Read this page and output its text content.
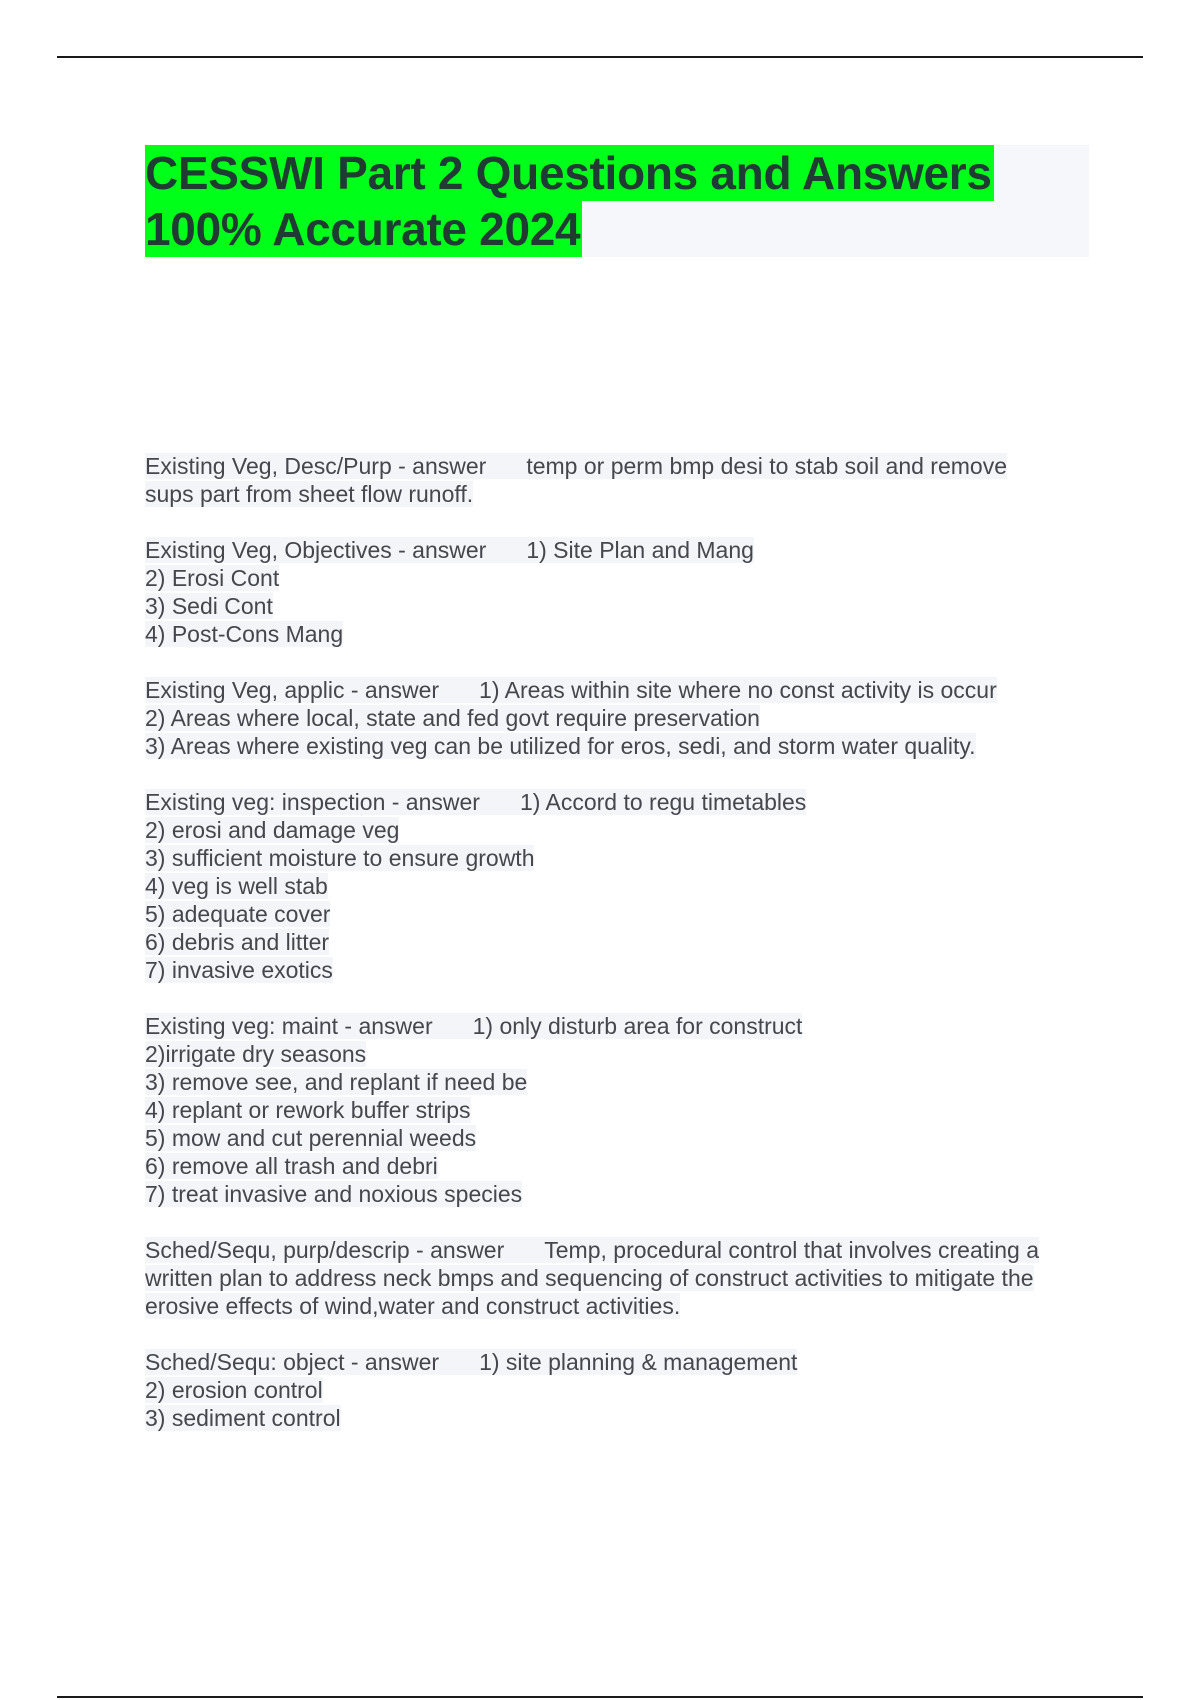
CESSWI Part 2 Questions and Answers
100% Accurate 2024
Existing Veg, Desc/Purp - answer temp or perm bmp desi to stab soil and remove
sups part from sheet flow runoff.
Existing Veg, Objectives - answer 1) Site Plan and Mang
2) Erosi Cont
3) Sedi Cont
4) Post-Cons Mang
Existing Veg, applic - answer 1) Areas within site where no const activity is occur
2) Areas where local, state and fed govt require preservation
3) Areas where existing veg can be utilized for eros, sedi, and storm water quality.
Existing veg: inspection - answer 1) Accord to regu timetables
2) erosi and damage veg
3) sufficient moisture to ensure growth
4) veg is well stab
5) adequate cover
6) debris and litter
7) invasive exotics
Existing veg: maint - answer 1) only disturb area for construct
2)irrigate dry seasons
3) remove see, and replant if need be
4) replant or rework buffer strips
5) mow and cut perennial weeds
6) remove all trash and debri
7) treat invasive and noxious species
Sched/Sequ, purp/descrip - answer Temp, procedural control that involves creating a
written plan to address neck bmps and sequencing of construct activities to mitigate the
erosive effects of wind,water and construct activities.
Sched/Sequ: object - answer 1) site planning & management
2) erosion control
3) sediment control
